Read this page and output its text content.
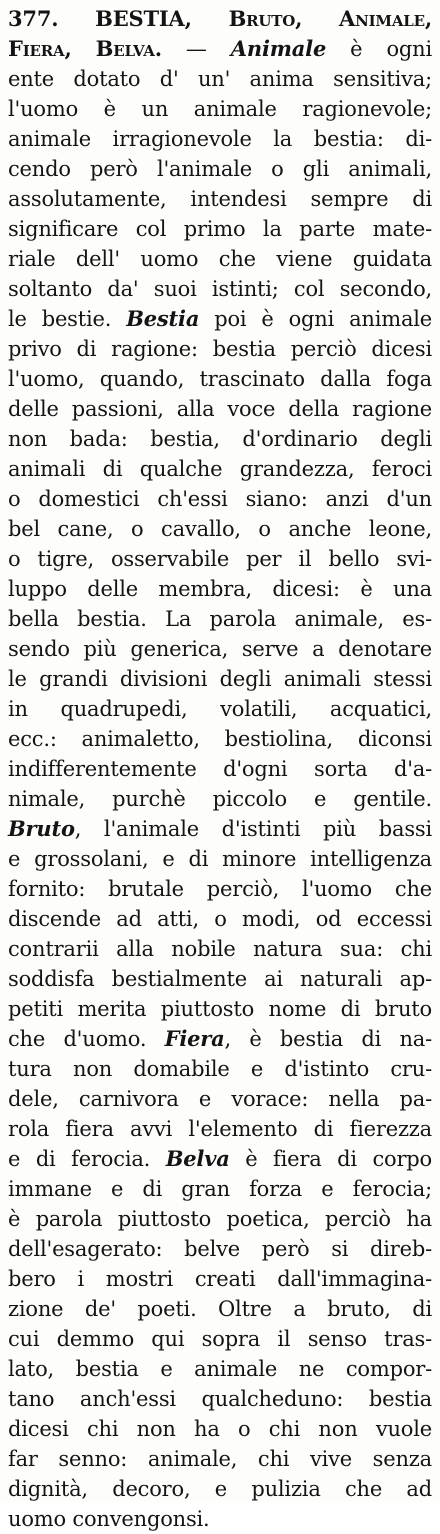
377. BESTIA, Bruto, Animale,
Fiera, Belva. — Animale è ogni
ente dotato d' un' anima sensitiva;
l'uomo è un animale ragionevole;
animale irragionevole la bestia: di-
cendo però l'animale o gli animali,
assolutamente, intendesi sempre di
significare col primo la parte mate-
riale dell' uomo che viene guidata
soltanto da' suoi istinti; col secondo,
le bestie. Bestia poi è ogni animale
privo di ragione: bestia perciò dicesi
l'uomo, quando, trascinato dalla foga
delle passioni, alla voce della ragione
non bada: bestia, d'ordinario degli
animali di qualche grandezza, feroci
o domestici ch'essi siano: anzi d'un
bel cane, o cavallo, o anche leone,
o tigre, osservabile per il bello svi-
luppo delle membra, dicesi: è una
bella bestia. La parola animale, es-
sendo più generica, serve a denotare
le grandi divisioni degli animali stessi
in quadrupedi, volatili, acquatici,
ecc.: animaletto, bestiolina, diconsi
indifferentemente d'ogni sorta d'a-
nimale, purchè piccolo e gentile.
Bruto, l'animale d'istinti più bassi
e grossolani, e di minore intelligenza
fornito: brutale perciò, l'uomo che
discende ad atti, o modi, od eccessi
contrarii alla nobile natura sua: chi
soddisfa bestialmente ai naturali ap-
petiti merita piuttosto nome di bruto
che d'uomo. Fiera, è bestia di na-
tura non domabile e d'istinto cru-
dele, carnivora e vorace: nella pa-
rola fiera avvi l'elemento di fierezza
e di ferocia. Belva è fiera di corpo
immane e di gran forza e ferocia;
è parola piuttosto poetica, perciò ha
dell'esagerato: belve però si direb-
bero i mostri creati dall'immagina-
zione de' poeti. Oltre a bruto, di
cui demmo qui sopra il senso tras-
lato, bestia e animale ne compor-
tano anch'essi qualcheduno: bestia
dicesi chi non ha o chi non vuole
far senno: animale, chi vive senza
dignità, decoro, e pulizia che ad
uomo convengonsi.
